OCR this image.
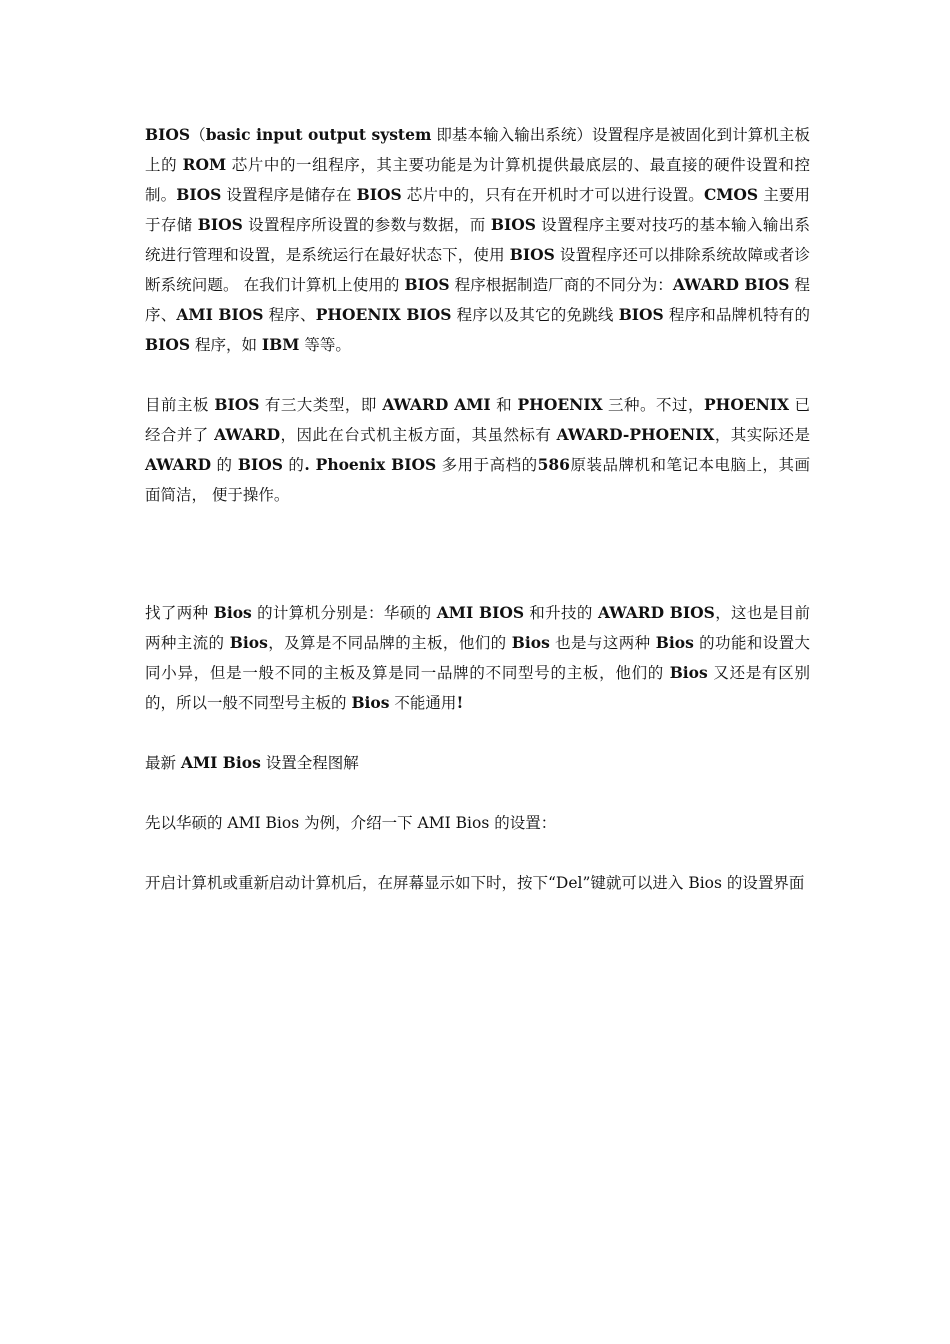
BIOS（basic input output system 即基本输入输出系统）设置程序是被固化到计算机主板上的 ROM 芯片中的一组程序，其主要功能是为计算机提供最底层的、最直接的硬件设置和控制。BIOS 设置程序是储存在 BIOS 芯片中的，只有在开机时才可以进行设置。CMOS 主要用于存储 BIOS 设置程序所设置的参数与数据，而 BIOS 设置程序主要对技巧的基本输入输出系统进行管理和设置，是系统运行在最好状态下，使用 BIOS 设置程序还可以排除系统故障或者诊断系统问题。 在我们计算机上使用的 BIOS 程序根据制造厂商的不同分为：AWARD BIOS 程序、AMI BIOS 程序、PHOENIX BIOS 程序以及其它的免跳线 BIOS 程序和品牌机特有的 BIOS 程序，如 IBM 等等。

目前主板 BIOS 有三大类型，即 AWARD AMI 和 PHOENIX 三种。不过，PHOENIX 已经合并了 AWARD，因此在台式机主板方面，其虽然标有 AWARD-PHOENIX，其实际还是 AWARD 的 BIOS 的. Phoenix BIOS 多用于高档的586原装品牌机和笔记本电脑上，其画面简洁， 便于操作。

找了两种 Bios 的计算机分别是：华硕的 AMI BIOS 和升技的 AWARD BIOS，这也是目前两种主流的 Bios，及算是不同品牌的主板，他们的 Bios 也是与这两种 Bios 的功能和设置大同小异，但是一般不同的主板及算是同一品牌的不同型号的主板，他们的 Bios 又还是有区别的，所以一般不同型号主板的 Bios 不能通用!

最新 AMI Bios 设置全程图解

先以华硕的 AMI Bios 为例，介绍一下 AMI Bios 的设置：

开启计算机或重新启动计算机后，在屏幕显示如下时，按下“Del”键就可以进入 Bios 的设置界面
